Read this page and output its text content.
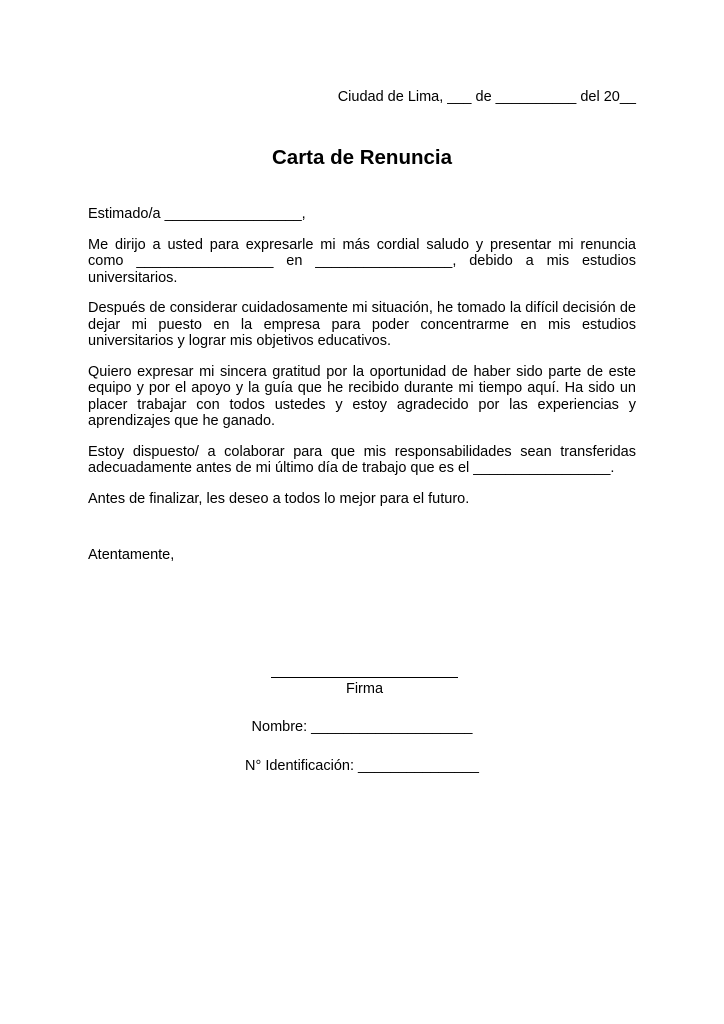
Ciudad de Lima, ___ de __________ del 20__
Carta de Renuncia

Estimado/a _________________,

Me dirijo a usted para expresarle mi más cordial saludo y presentar mi renuncia como _________________ en _________________, debido a mis estudios universitarios.

Después de considerar cuidadosamente mi situación, he tomado la difícil decisión de dejar mi puesto en la empresa para poder concentrarme en mis estudios universitarios y lograr mis objetivos educativos.

Quiero expresar mi sincera gratitud por la oportunidad de haber sido parte de este equipo y por el apoyo y la guía que he recibido durante mi tiempo aquí. Ha sido un placer trabajar con todos ustedes y estoy agradecido por las experiencias y aprendizajes que he ganado.

Estoy dispuesto/ a colaborar para que mis responsabilidades sean transferidas adecuadamente antes de mi último día de trabajo que es el _________________.

Antes de finalizar, les deseo a todos lo mejor para el futuro.

Atentamente,

Firma
Nombre: ____________________
N° Identificación: _______________
